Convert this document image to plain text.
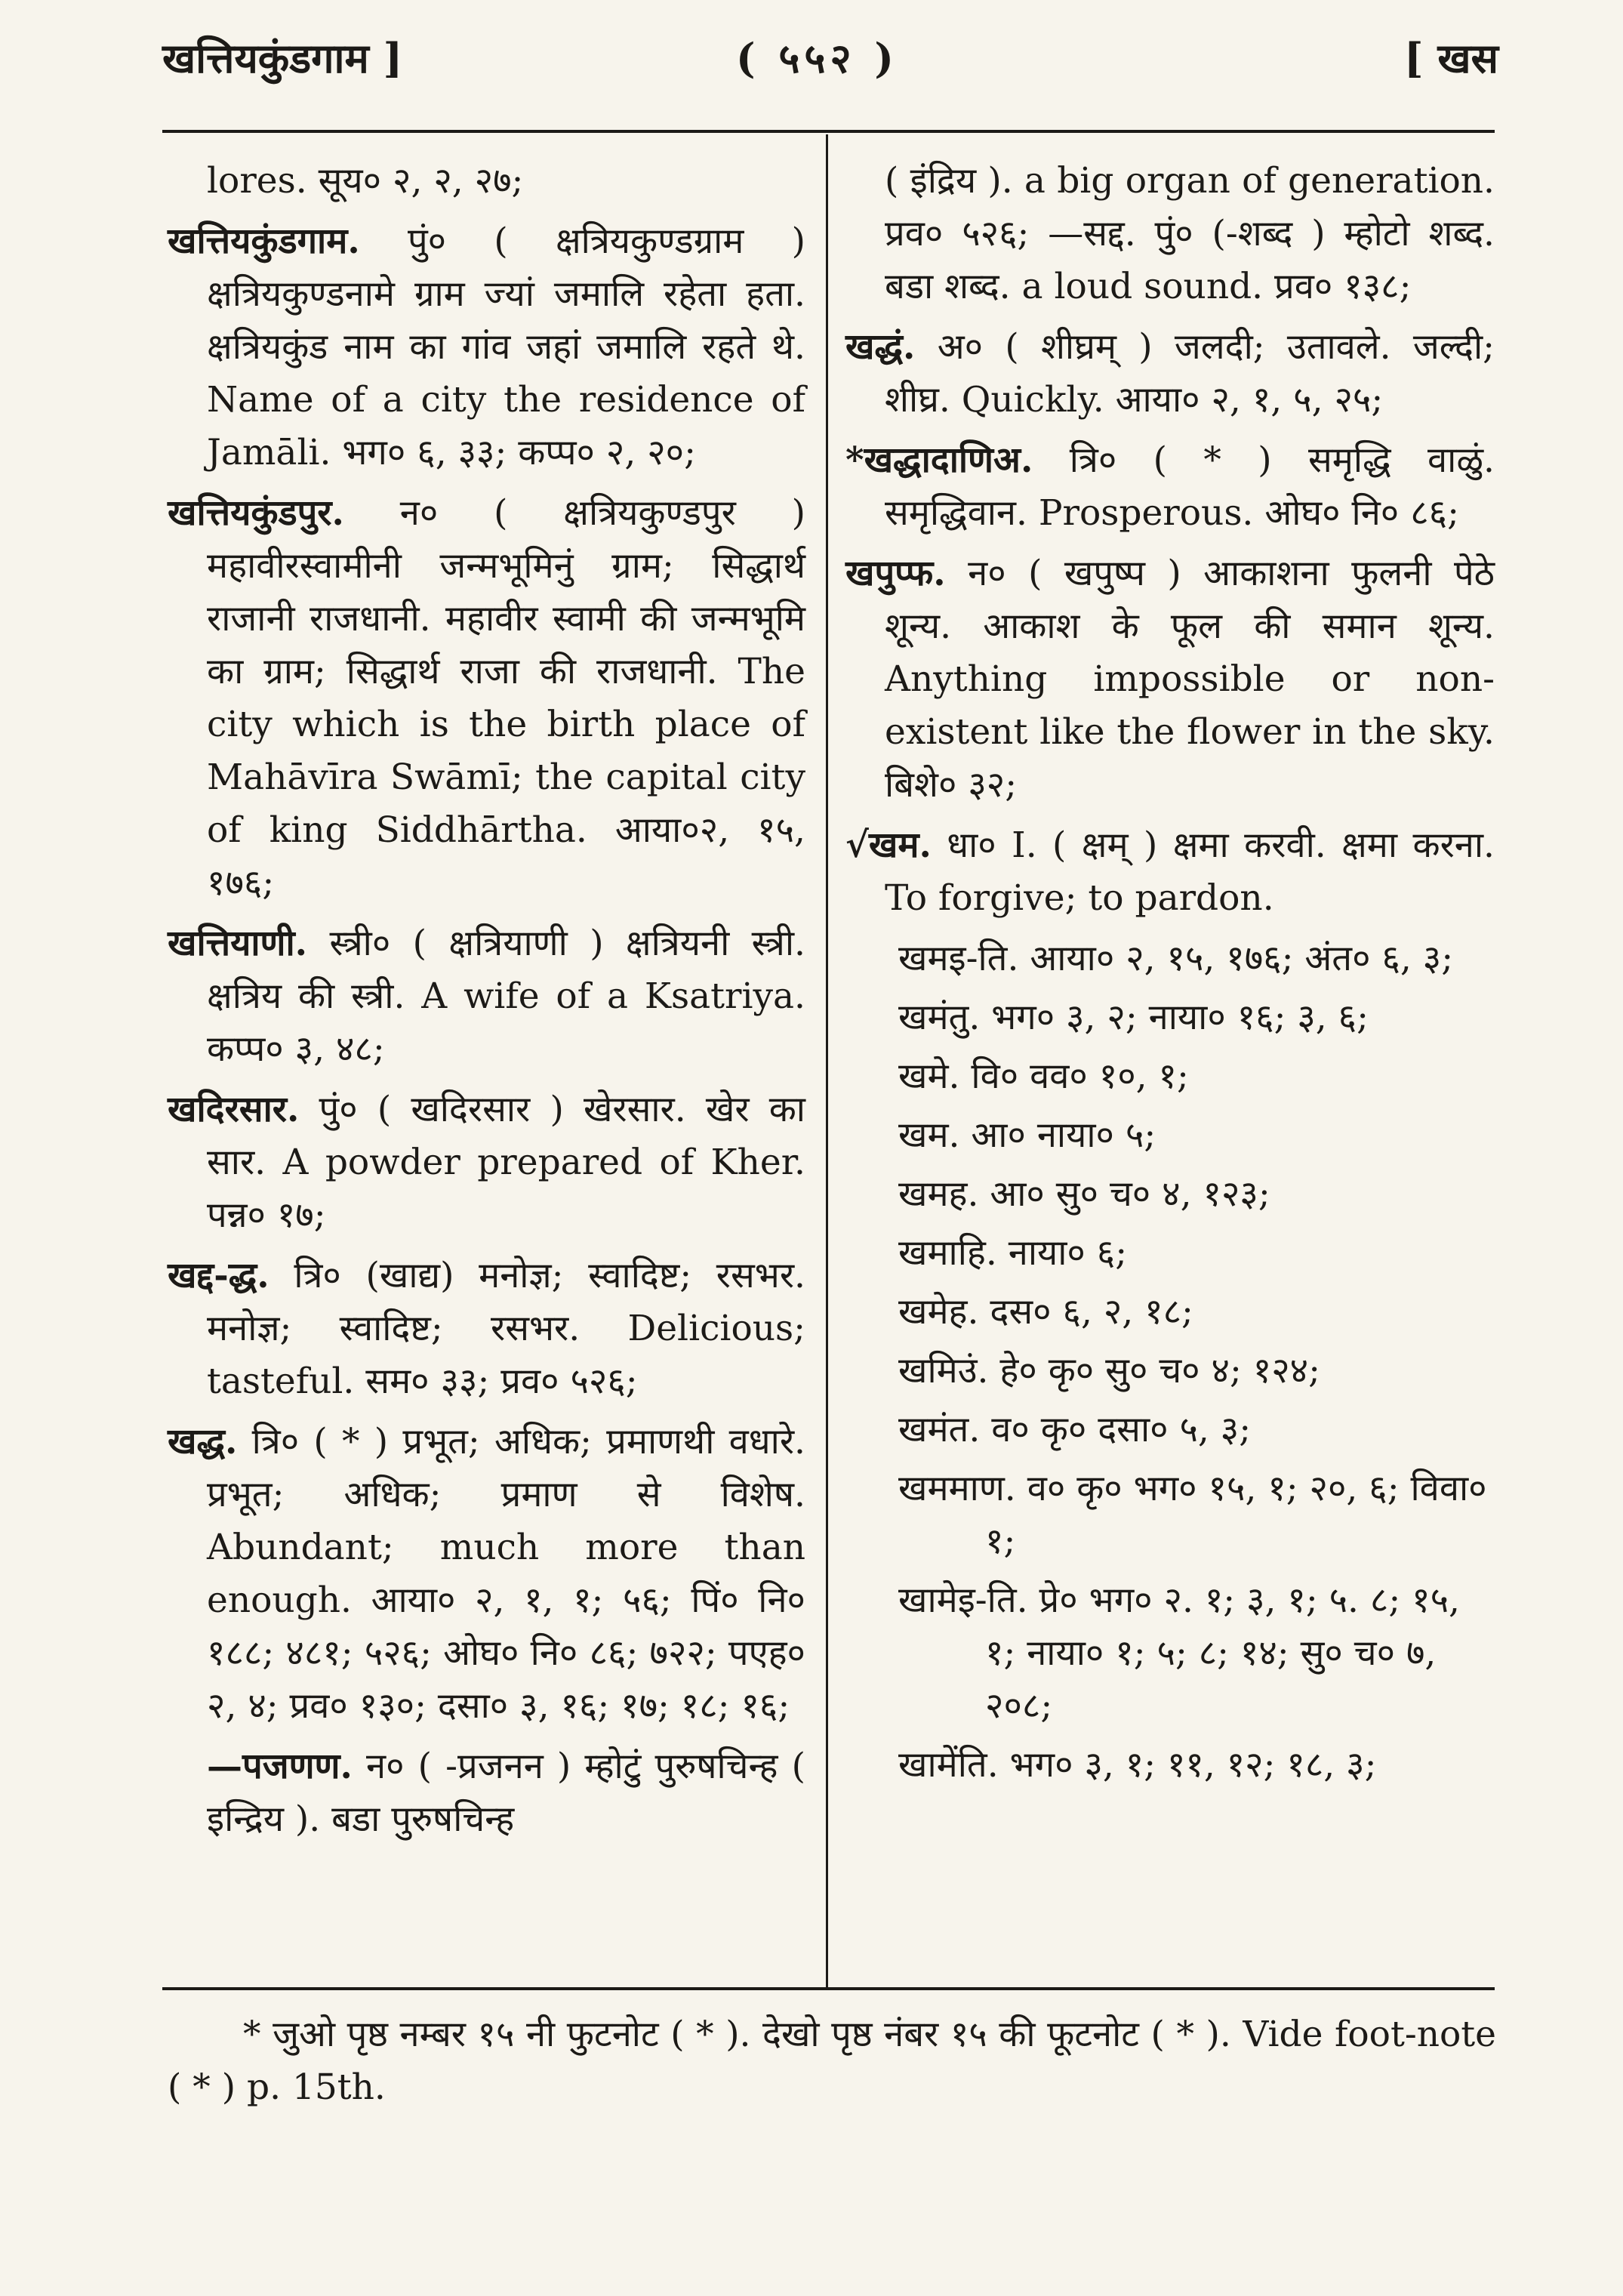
खत्तियकुंडगाम ]	( ५५२ )	[ खस
lores. सूय० २, २, २७;
खत्तियकुंडगाम. पुं० ( क्षत्रियकुण्डग्राम ) क्षत्रियकुण्डनामे ग्राम ज्यां जमालि रहेता हता. क्षत्रियकुंड नाम का गांव जहां जमालि रहते थे. Name of a city the residence of Jamāli. भग० ६, ३३; कप्प० २, २०;
खत्तियकुंडपुर. न० ( क्षत्रियकुण्डपुर ) महावीरस्वामीनी जन्मभूमिनुं ग्राम; सिद्धार्थ राजानी राजधानी. महावीर स्वामी की जन्मभूमि का ग्राम; सिद्धार्थ राजा की राजधानी. The city which is the birth place of Mahāvīra Swāmī; the capital city of king Siddhārtha. आया०२, १५, १७६;
खत्तियाणी. स्त्री० ( क्षत्रियाणी ) क्षत्रियनी स्त्री. क्षत्रिय की स्त्री. A wife of a Ksatriya. कप्प० ३, ४८;
खदिरसार. पुं० ( खदिरसार ) खेरसार. खेर का सार. A powder prepared of Kher. पन्न० १७;
खद्द-द्ध. त्रि० (खाद्य) मनोज्ञ; स्वादिष्ट; रसभर. मनोज्ञ; स्वादिष्ट; रसभर. Delicious; tasteful. सम० ३३; प्रव० ५२६;
खद्ध. त्रि० ( * ) प्रभूत; अधिक; प्रमाणथी वधारे. प्रभूत; अधिक; प्रमाण से विशेष. Abundant; much more than enough. आया० २, १, १; ५६; पिं० नि० १८८; ४८१; ५२६; ओघ० नि० ८६; ७२२; पएह० २, ४; प्रव० १३०; दसा० ३, १६; १७; १८; १६;
—पजणण. न० ( -प्रजनन ) म्होटुं पुरुषचिन्ह ( इन्द्रिय ). बडा पुरुषचिन्ह
( इंद्रिय ). a big organ of generation. प्रव० ५२६; —सद्द. पुं० (-शब्द ) म्होटो शब्द. बडा शब्द. a loud sound. प्रव० १३८;
खद्धं. अ० ( शीघ्रम् ) जलदी; उतावले. जल्दी; शीघ्र. Quickly. आया० २, १, ५, २५;
*खद्धादाणिअ. त्रि० ( * ) समृद्धि वाळुं. समृद्धिवान. Prosperous. ओघ० नि० ८६;
खपुप्फ. न० ( खपुष्प ) आकाशना फुलनी पेठे शून्य. आकाश के फूल की समान शून्य. Anything impossible or non-existent like the flower in the sky. बिशे० ३२;
√खम. धा० I. ( क्षम् ) क्षमा करवी. क्षमा करना. To forgive; to pardon.
खमइ-ति. आया० २, १५, १७६; अंत० ६, ३;
खमंतु. भग० ३, २; नाया० १६; ३, ६;
खमे. वि० वव० १०, १;
खम. आ० नाया० ५;
खमह. आ० सु० च० ४, १२३;
खमाहि. नाया० ६;
खमेह. दस० ६, २, १८;
खमिउं. हे० कृ० सु० च० ४; १२४;
खमंत. व० कृ० दसा० ५, ३;
खममाण. व० कृ० भग० १५, १; २०, ६; विवा० १;
खामेइ-ति. प्रे० भग० २. १; ३, १; ५. ८; १५, १; नाया० १; ५; ८; १४; सु० च० ७, २०८;
खामेंति. भग० ३, १; ११, १२; १८, ३;
* जुओ पृष्ठ नम्बर १५ नी फुटनोट ( * ). देखो पृष्ठ नंबर १५ की फूटनोट ( * ). Vide foot-note ( * ) p. 15th.
